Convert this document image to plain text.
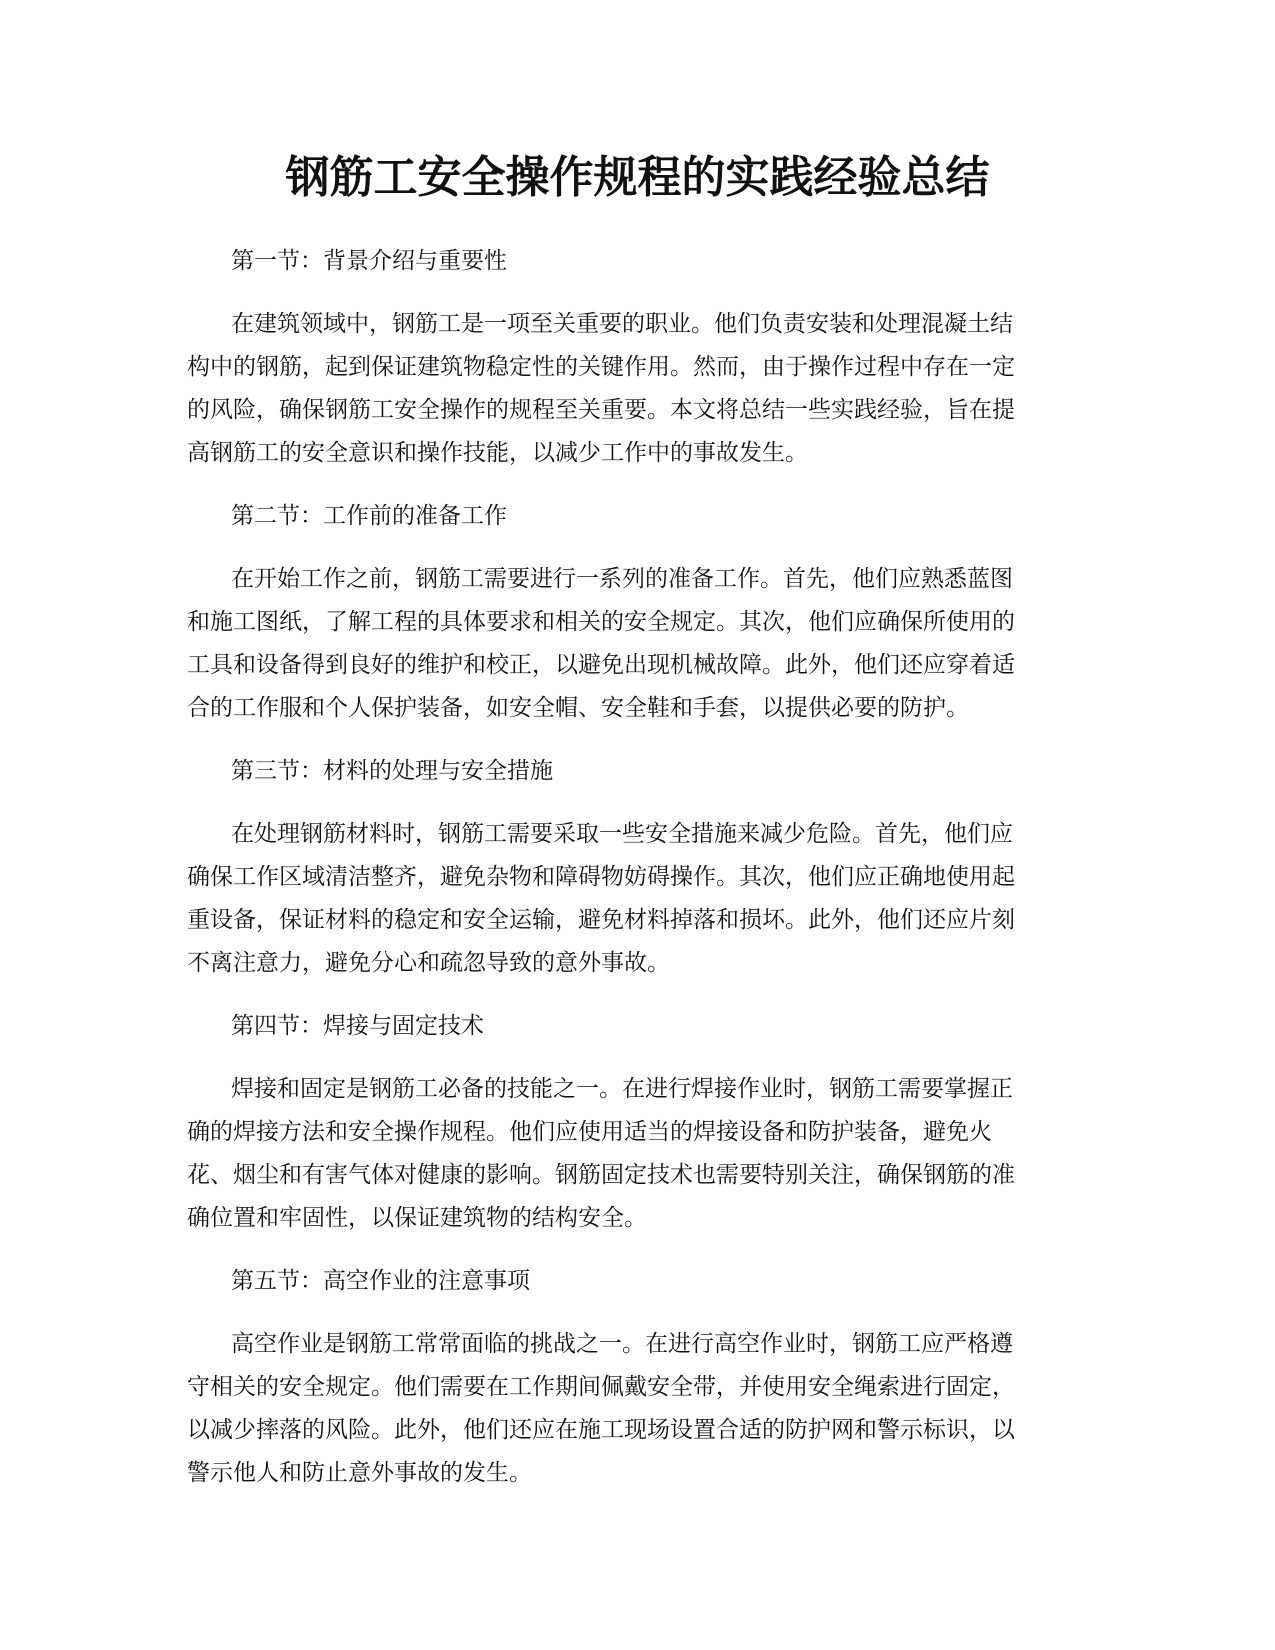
钢筋工安全操作规程的实践经验总结

第一节：背景介绍与重要性

在建筑领域中，钢筋工是一项至关重要的职业。他们负责安装和处理混凝土结
构中的钢筋，起到保证建筑物稳定性的关键作用。然而，由于操作过程中存在一定
的风险，确保钢筋工安全操作的规程至关重要。本文将总结一些实践经验，旨在提
高钢筋工的安全意识和操作技能，以减少工作中的事故发生。

第二节：工作前的准备工作

在开始工作之前，钢筋工需要进行一系列的准备工作。首先，他们应熟悉蓝图
和施工图纸，了解工程的具体要求和相关的安全规定。其次，他们应确保所使用的
工具和设备得到良好的维护和校正，以避免出现机械故障。此外，他们还应穿着适
合的工作服和个人保护装备，如安全帽、安全鞋和手套，以提供必要的防护。

第三节：材料的处理与安全措施

在处理钢筋材料时，钢筋工需要采取一些安全措施来减少危险。首先，他们应
确保工作区域清洁整齐，避免杂物和障碍物妨碍操作。其次，他们应正确地使用起
重设备，保证材料的稳定和安全运输，避免材料掉落和损坏。此外，他们还应片刻
不离注意力，避免分心和疏忽导致的意外事故。

第四节：焊接与固定技术

焊接和固定是钢筋工必备的技能之一。在进行焊接作业时，钢筋工需要掌握正
确的焊接方法和安全操作规程。他们应使用适当的焊接设备和防护装备，避免火
花、烟尘和有害气体对健康的影响。钢筋固定技术也需要特别关注，确保钢筋的准
确位置和牢固性，以保证建筑物的结构安全。

第五节：高空作业的注意事项

高空作业是钢筋工常常面临的挑战之一。在进行高空作业时，钢筋工应严格遵
守相关的安全规定。他们需要在工作期间佩戴安全带，并使用安全绳索进行固定，
以减少摔落的风险。此外，他们还应在施工现场设置合适的防护网和警示标识，以
警示他人和防止意外事故的发生。
